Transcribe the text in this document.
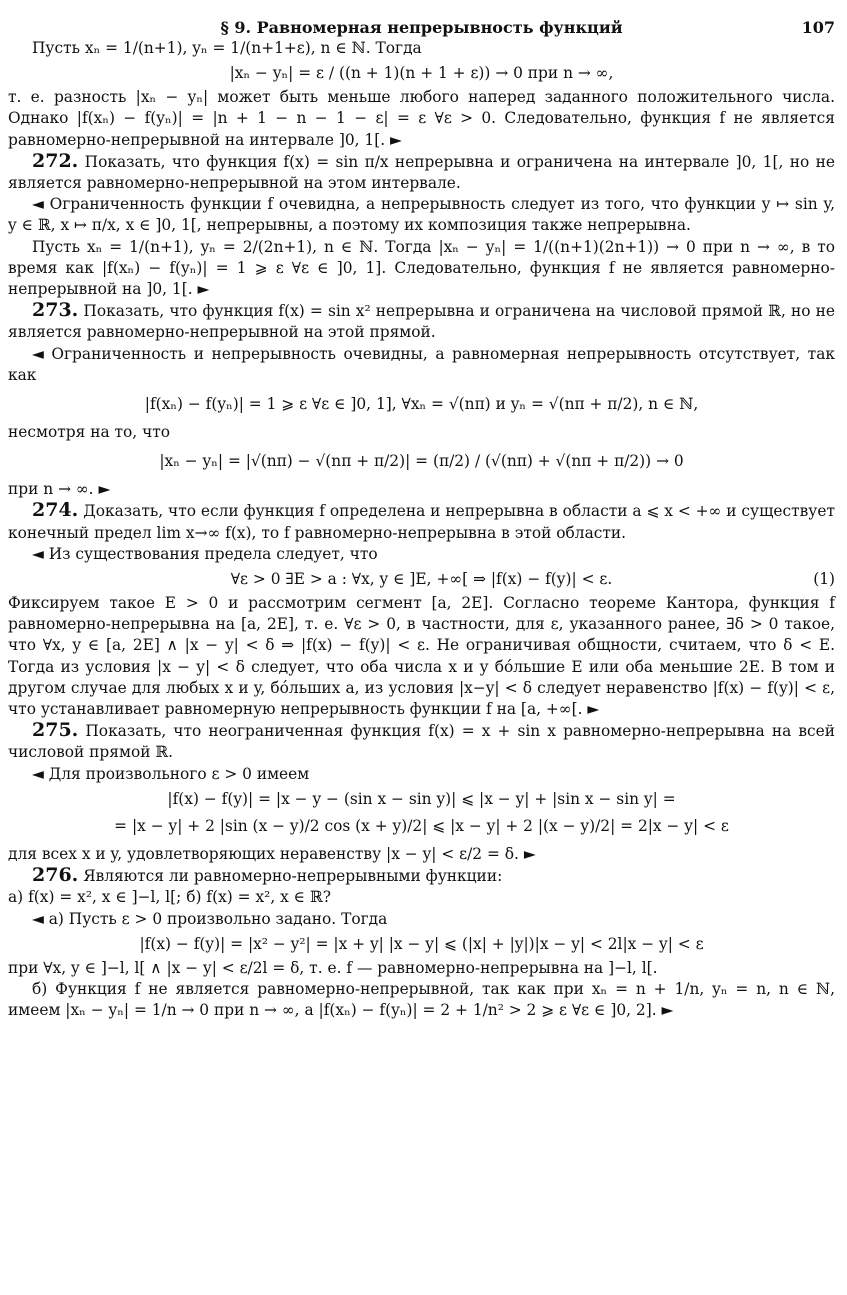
§ 9. Равномерная непрерывность функций	107
Пусть xₙ = 1/(n+1), yₙ = 1/(n+1+ε), n ∈ ℕ. Тогда
|xₙ − yₙ| = ε / ((n + 1)(n + 1 + ε)) → 0 при n → ∞,
т. е. разность |xₙ − yₙ| может быть меньше любого наперед заданного положительного числа. Однако |f(xₙ) − f(yₙ)| = |n + 1 − n − 1 − ε| = ε ∀ε > 0. Следовательно, функция f не является равномерно-непрерывной на интервале ]0, 1[. ►
272. Показать, что функция f(x) = sin π/x непрерывна и ограничена на интервале ]0, 1[, но не является равномерно-непрерывной на этом интервале.
◄ Ограниченность функции f очевидна, а непрерывность следует из того, что функции y ↦ sin y, y ∈ ℝ, x ↦ π/x, x ∈ ]0, 1[, непрерывны, а поэтому их композиция также непрерывна.
Пусть xₙ = 1/(n+1), yₙ = 2/(2n+1), n ∈ ℕ. Тогда |xₙ − yₙ| = 1/((n+1)(2n+1)) → 0 при n → ∞, в то время как |f(xₙ) − f(yₙ)| = 1 ⩾ ε ∀ε ∈ ]0, 1]. Следовательно, функция f не является равномерно-непрерывной на ]0, 1[. ►
273. Показать, что функция f(x) = sin x² непрерывна и ограничена на числовой прямой ℝ, но не является равномерно-непрерывной на этой прямой.
◄ Ограниченность и непрерывность очевидны, а равномерная непрерывность отсутствует, так как
|f(xₙ) − f(yₙ)| = 1 ⩾ ε ∀ε ∈ ]0, 1], ∀xₙ = √(nπ) и yₙ = √(nπ + π/2), n ∈ ℕ,
несмотря на то, что
|xₙ − yₙ| = |√(nπ) − √(nπ + π/2)| = (π/2) / (√(nπ) + √(nπ + π/2)) → 0
при n → ∞. ►
274. Доказать, что если функция f определена и непрерывна в области a ⩽ x < +∞ и существует конечный предел lim x→∞ f(x), то f равномерно-непрерывна в этой области.
◄ Из существования предела следует, что
∀ε > 0 ∃E > a : ∀x, y ∈ ]E, +∞[ ⇒ |f(x) − f(y)| < ε.	(1)
Фиксируем такое E > 0 и рассмотрим сегмент [a, 2E]. Согласно теореме Кантора, функция f равномерно-непрерывна на [a, 2E], т. е. ∀ε > 0, в частности, для ε, указанного ранее, ∃δ > 0 такое, что ∀x, y ∈ [a, 2E] ∧ |x − y| < δ ⇒ |f(x) − f(y)| < ε. Не ограничивая общности, считаем, что δ < E. Тогда из условия |x − y| < δ следует, что оба числа x и y бо́льшие E или оба меньшие 2E. В том и другом случае для любых x и y, бо́льших a, из условия |x−y| < δ следует неравенство |f(x) − f(y)| < ε, что устанавливает равномерную непрерывность функции f на [a, +∞[. ►
275. Показать, что неограниченная функция f(x) = x + sin x равномерно-непрерывна на всей числовой прямой ℝ.
◄ Для произвольного ε > 0 имеем
|f(x) − f(y)| = |x − y − (sin x − sin y)| ⩽ |x − y| + |sin x − sin y| =
= |x − y| + 2 |sin (x − y)/2 cos (x + y)/2| ⩽ |x − y| + 2 |(x − y)/2| = 2|x − y| < ε
для всех x и y, удовлетворяющих неравенству |x − y| < ε/2 = δ. ►
276. Являются ли равномерно-непрерывными функции:
а) f(x) = x², x ∈ ]−l, l[; б) f(x) = x², x ∈ ℝ?
◄ а) Пусть ε > 0 произвольно задано. Тогда
|f(x) − f(y)| = |x² − y²| = |x + y| |x − y| ⩽ (|x| + |y|)|x − y| < 2l|x − y| < ε
при ∀x, y ∈ ]−l, l[ ∧ |x − y| < ε/2l = δ, т. е. f — равномерно-непрерывна на ]−l, l[.
б) Функция f не является равномерно-непрерывной, так как при xₙ = n + 1/n, yₙ = n, n ∈ ℕ, имеем |xₙ − yₙ| = 1/n → 0 при n → ∞, а |f(xₙ) − f(yₙ)| = 2 + 1/n² > 2 ⩾ ε ∀ε ∈ ]0, 2]. ►
